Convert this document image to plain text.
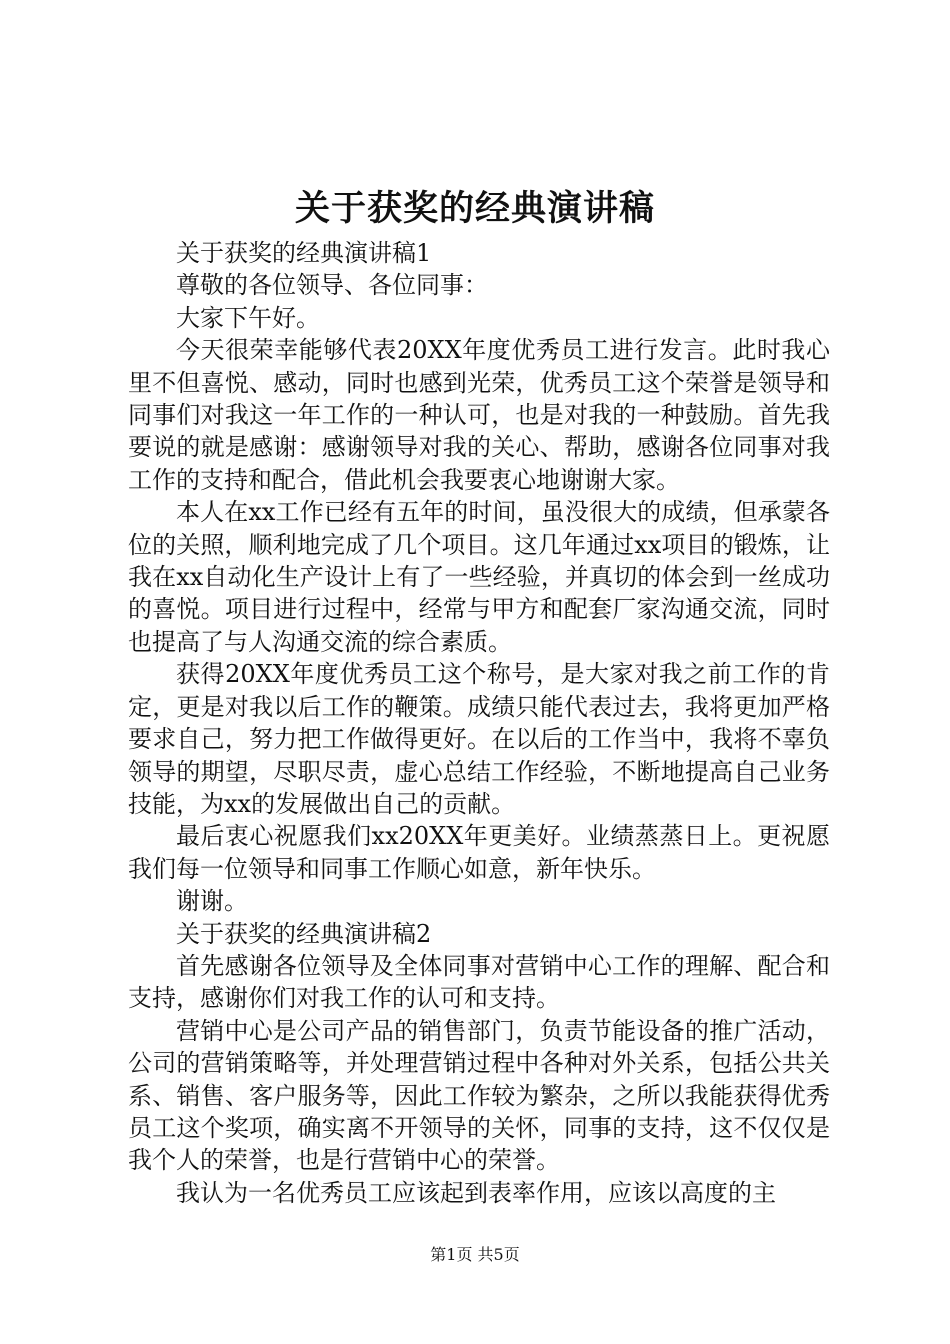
关于获奖的经典演讲稿

关于获奖的经典演讲稿1

尊敬的各位领导、各位同事：

大家下午好。

今天很荣幸能够代表20XX年度优秀员工进行发言。此时我心里不但喜悦、感动，同时也感到光荣，优秀员工这个荣誉是领导和同事们对我这一年工作的一种认可，也是对我的一种鼓励。首先我要说的就是感谢：感谢领导对我的关心、帮助，感谢各位同事对我工作的支持和配合，借此机会我要衷心地谢谢大家。

本人在xx工作已经有五年的时间，虽没很大的成绩，但承蒙各位的关照，顺利地完成了几个项目。这几年通过xx项目的锻炼，让我在xx自动化生产设计上有了一些经验，并真切的体会到一丝成功的喜悦。项目进行过程中，经常与甲方和配套厂家沟通交流，同时也提高了与人沟通交流的综合素质。

获得20XX年度优秀员工这个称号，是大家对我之前工作的肯定，更是对我以后工作的鞭策。成绩只能代表过去，我将更加严格要求自己，努力把工作做得更好。在以后的工作当中，我将不辜负领导的期望，尽职尽责，虚心总结工作经验，不断地提高自己业务技能，为xx的发展做出自己的贡献。

最后衷心祝愿我们xx20XX年更美好。业绩蒸蒸日上。更祝愿我们每一位领导和同事工作顺心如意，新年快乐。

谢谢。

关于获奖的经典演讲稿2

首先感谢各位领导及全体同事对营销中心工作的理解、配合和支持，感谢你们对我工作的认可和支持。

营销中心是公司产品的销售部门，负责节能设备的推广活动，公司的营销策略等，并处理营销过程中各种对外关系，包括公共关系、销售、客户服务等，因此工作较为繁杂，之所以我能获得优秀员工这个奖项，确实离不开领导的关怀，同事的支持，这不仅仅是我个人的荣誉，也是行营销中心的荣誉。

我认为一名优秀员工应该起到表率作用，应该以高度的主

第1页 共5页
